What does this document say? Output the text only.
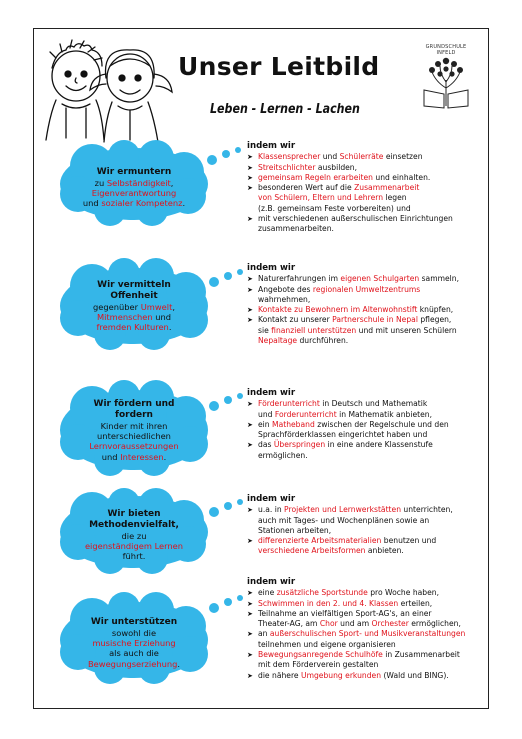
Unser Leitbild
Leben - Lernen - Lachen
GRUNDSCHULE INFELD
Wir ermuntern
zu Selbständigkeit,
Eigenverantwortung
und sozialer Kompetenz.
indem wir
➤ Klassensprecher und Schülerräte einsetzen
➤ Streitschlichter ausbilden,
➤ gemeinsam Regeln erarbeiten und einhalten.
➤ besonderen Wert auf die Zusammenarbeit
von Schülern, Eltern und Lehrern legen
(z.B. gemeinsam Feste vorbereiten) und
➤ mit verschiedenen außerschulischen Einrichtungen
zusammenarbeiten.
Wir vermitteln
Offenheit
gegenüber Umwelt,
Mitmenschen und
fremden Kulturen.
indem wir
➤ Naturerfahrungen im eigenen Schulgarten sammeln,
➤ Angebote des regionalen Umweltzentrums
wahrnehmen,
➤ Kontakte zu Bewohnern im Altenwohnstift knüpfen,
➤ Kontakt zu unserer Partnerschule in Nepal pflegen,
sie finanziell unterstützen und mit unseren Schülern
Nepaltage durchführen.
Wir fördern und
fordern
Kinder mit ihren
unterschiedlichen
Lernvoraussetzungen
und Interessen.
indem wir
➤ Förderunterricht in Deutsch und Mathematik
und Forderunterricht in Mathematik anbieten,
➤ ein Matheband zwischen der Regelschule und den
Sprachförderklassen eingerichtet haben und
➤ das Überspringen in eine andere Klassenstufe
ermöglichen.
Wir bieten
Methodenvielfalt,
die zu
eigenständigem Lernen
führt.
indem wir
➤ u.a. in Projekten und Lernwerkstätten unterrichten,
auch mit Tages- und Wochenplänen sowie an
Stationen arbeiten,
➤ differenzierte Arbeitsmaterialien benutzen und
verschiedene Arbeitsformen anbieten.
Wir unterstützen
sowohl die
musische Erziehung
als auch die
Bewegungserziehung.
indem wir
➤ eine zusätzliche Sportstunde pro Woche haben,
➤ Schwimmen in den 2. und 4. Klassen erteilen,
➤ Teilnahme an vielfältigen Sport-AG's, an einer
Theater-AG, am Chor und am Orchester ermöglichen,
➤ an außerschulischen Sport- und Musikveranstaltungen
teilnehmen und eigene organisieren
➤ Bewegungsanregende Schulhöfe in Zusammenarbeit
mit dem Förderverein gestalten
➤ die nähere Umgebung erkunden (Wald und BING).
